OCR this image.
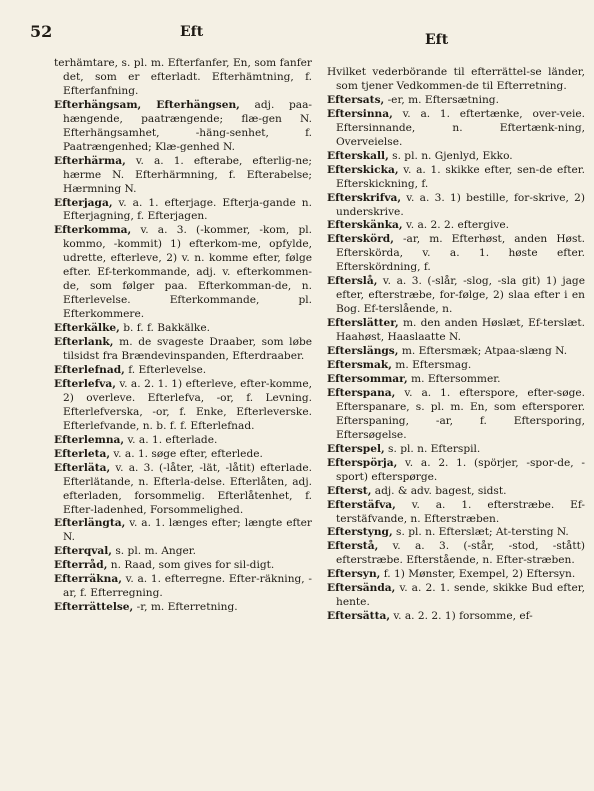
52	Eft	Eft

terhämtare, s. pl. m. Efterfanfer, En, som fanfer det, som er efterladt. Efterhämtning, f. Efterfanfning.

Efterhängsam, Efterhängsen, adj. paa-hængende, paatrængende; flæ-gen N. Efterhängsamhet, -häng-senhet, f. Paatrængenhed; Klæ-genhed N.

Efterhärma, v. a. 1. efterabe, efterlig-ne; hærme N. Efterhärmning, f. Efterabelse; Hærmning N.

Efterjaga, v. a. 1. efterjage. Efterja-gande n. Efterjagning, f. Efterjagen.

Efterkomma, v. a. 3. (-kommer, -kom, pl. kommo, -kommit) 1) efterkom-me, opfylde, udrette, efterleve, 2) v. n. komme efter, følge efter. Ef-terkommande, adj. v. efterkommen-de, som følger paa. Efterkomman-de, n. Efterlevelse. Efterkommande, pl. Efterkommere.

Efterkälke, b. f. f. Bakkälke.

Efterlank, m. de svageste Draaber, som løbe tilsidst fra Brændevinspanden, Efterdraaber.

Efterlefnad, f. Efterlevelse.

Efterlefva, v. a. 2. 1. 1) efterleve, efter-komme, 2) overleve. Efterlefva, -or, f. Levning. Efterlefverska, -or, f. Enke, Efterleverske. Efterlefvande, n. b. f. f. Efterlefnad.

Efterlemna, v. a. 1. efterlade.

Efterleta, v. a. 1. søge efter, efterlede.

Efterläta, v. a. 3. (-låter, -lät, -låtit) efterlade. Efterlätande, n. Efterla-delse. Efterlåten, adj. efterladen, forsommelig. Efterlåtenhet, f. Efter-ladenhed, Forsommelighed.

Efterlängta, v. a. 1. længes efter; længte efter N.

Efterqval, s. pl. m. Anger.

Efterråd, n. Raad, som gives for sil-digt.

Efterräkna, v. a. 1. efterregne. Efter-räkning, -ar, f. Efterregning.

Efterrättelse, -r, m. Efterretning.

Hvilket vederbörande til efterrättel-se länder, som tjener Vedkommen-de til Efterretning.

Eftersats, -er, m. Eftersætning.

Eftersinna, v. a. 1. eftertænke, over-veie. Eftersinnande, n. Eftertænk-ning, Overveielse.

Efterskall, s. pl. n. Gjenlyd, Ekko.

Efterskicka, v. a. 1. skikke efter, sen-de efter. Efterskickning, f.

Efterskrifva, v. a. 3. 1) bestille, for-skrive, 2) underskrive.

Efterskänka, v. a. 2. 2. eftergive.

Efterskörd, -ar, m. Efterhøst, anden Høst. Efterskörda, v. a. 1. høste efter. Efterskördning, f.

Efterslå, v. a. 3. (-slår, -slog, -sla git) 1) jage efter, efterstræbe, for-følge, 2) slaa efter i en Bog. Ef-terslående, n.

Efterslätter, m. den anden Høslæt, Ef-terslæt. Haahøst, Haaslaatte N.

Efterslängs, m. Eftersmæk; Atpaa-slæng N.

Eftersmak, m. Eftersmag.

Eftersommar, m. Eftersommer.

Efterspana, v. a. 1. efterspore, efter-søge. Efterspanare, s. pl. m. En, som eftersporer. Efterspaning, -ar, f. Eftersporing, Eftersøgelse.

Efterspel, s. pl. n. Efterspil.

Efterspörja, v. a. 2. 1. (spörjer, -spor-de, -sport) efterspørge.

Efterst, adj. & adv. bagest, sidst.

Efterstäfva, v. a. 1. efterstræbe. Ef-terstäfvande, n. Efterstræben.

Efterstyng, s. pl. n. Efterslæt; At-tersting N.

Efterstå, v. a. 3. (-står, -stod, -stått) efterstræbe. Efterstående, n. Efter-stræben.

Eftersyn, f. 1) Mønster, Exempel, 2) Eftersyn.

Eftersända, v. a. 2. 1. sende, skikke Bud efter, hente.

Eftersätta, v. a. 2. 2. 1) forsomme, ef-
